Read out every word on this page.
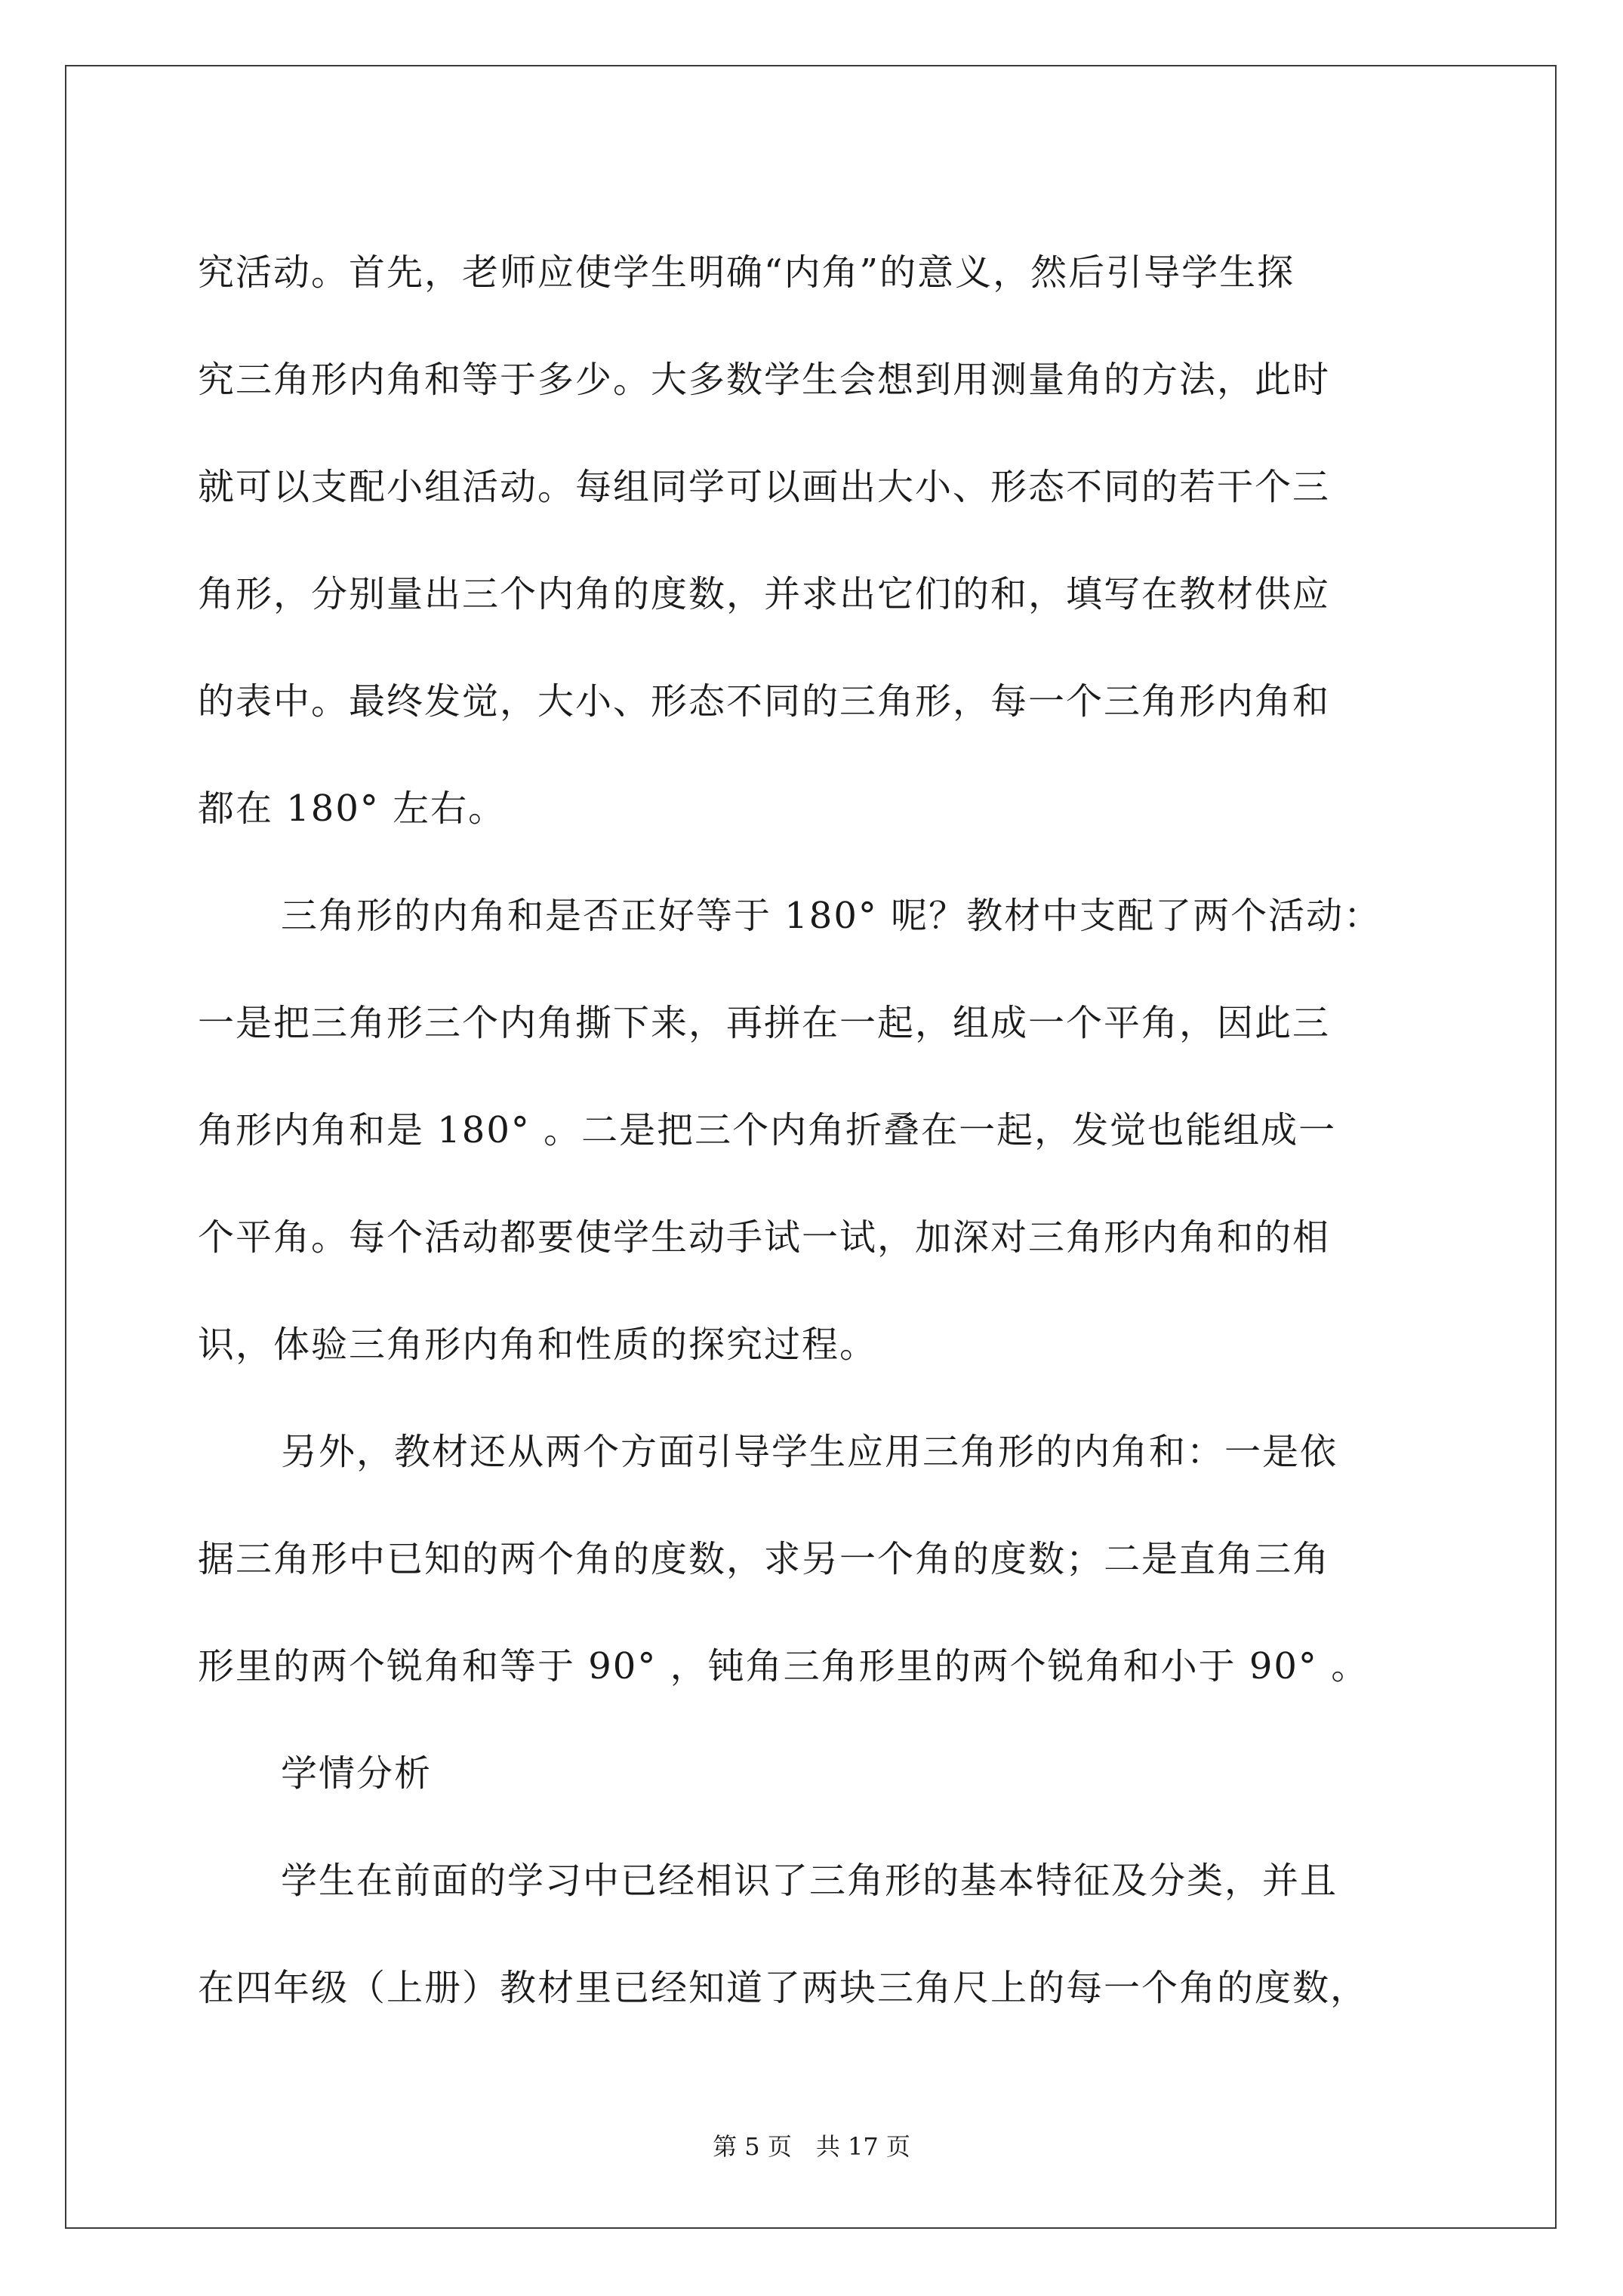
究活动。首先，老师应使学生明确“内角”的意义，然后引导学生探
究三角形内角和等于多少。大多数学生会想到用测量角的方法，此时
就可以支配小组活动。每组同学可以画出大小、形态不同的若干个三
角形，分别量出三个内角的度数，并求出它们的和，填写在教材供应
的表中。最终发觉，大小、形态不同的三角形，每一个三角形内角和
都在 180° 左右。
三角形的内角和是否正好等于 180° 呢？教材中支配了两个活动：
一是把三角形三个内角撕下来，再拼在一起，组成一个平角，因此三
角形内角和是 180° 。二是把三个内角折叠在一起，发觉也能组成一
个平角。每个活动都要使学生动手试一试，加深对三角形内角和的相
识，体验三角形内角和性质的探究过程。
另外，教材还从两个方面引导学生应用三角形的内角和：一是依
据三角形中已知的两个角的度数，求另一个角的度数；二是直角三角
形里的两个锐角和等于 90° ，钝角三角形里的两个锐角和小于 90° 。
学情分析
学生在前面的学习中已经相识了三角形的基本特征及分类，并且
在四年级（上册）教材里已经知道了两块三角尺上的每一个角的度数，
第 5 页　共 17 页
